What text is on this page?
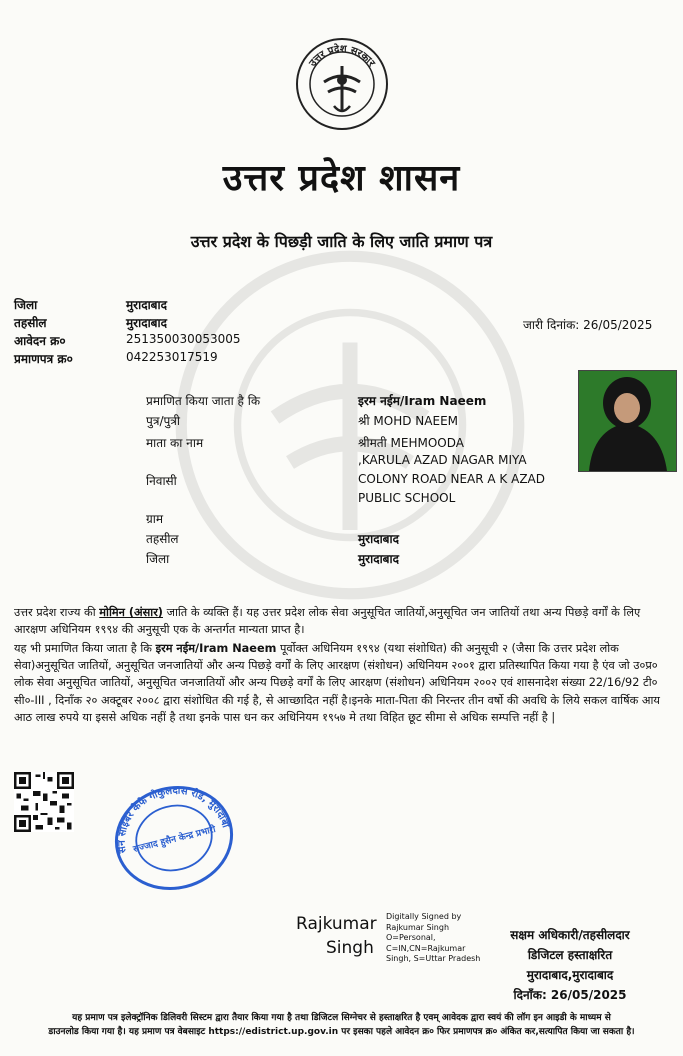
उत्तर प्रदेश सरकार
उत्तर प्रदेश शासन
उत्तर प्रदेश के पिछड़ी जाति के लिए जाति प्रमाण पत्र
जिला	मुरादाबाद
तहसील	मुरादाबाद
आवेदन क्र०	251350030053005
प्रमाणपत्र क्र०	042253017519
जारी दिनांक: 26/05/2025
प्रमाणित किया जाता है कि	इरम नईम/Iram Naeem
पुत्र/पुत्री	श्री MOHD NAEEM
माता का नाम	श्रीमती MEHMOODA
,KARULA AZAD NAGAR MIYA
निवासी	COLONY ROAD NEAR A K AZAD
PUBLIC SCHOOL
ग्राम
तहसील	मुरादाबाद
जिला	मुरादाबाद
उत्तर प्रदेश राज्य की मोमिन (अंसार) जाति के व्यक्ति हैं। यह उत्तर प्रदेश लोक सेवा अनुसूचित जातियों,अनुसूचित जन जातियों तथा अन्य पिछड़े वर्गों के लिए आरक्षण अधिनियम १९९४ की अनुसूची एक के अन्तर्गत मान्यता प्राप्त है।
यह भी प्रमाणित किया जाता है कि इरम नईम/Iram Naeem पूर्वोक्त अधिनियम १९९४ (यथा संशोधित) की अनुसूची २ (जैसा कि उत्तर प्रदेश लोक सेवा)अनुसूचित जातियों, अनुसूचित जनजातियों और अन्य पिछड़े वर्गों के लिए आरक्षण (संशोधन) अधिनियम २००१ द्वारा प्रतिस्थापित किया गया है एंव जो उ०प्र० लोक सेवा अनुसूचित जातियों, अनुसूचित जनजातियों और अन्य पिछड़े वर्गों के लिए आरक्षण (संशोधन) अधिनियम २००२ एवं शासनादेश संख्या 22/16/92 टी० सी०-III , दिनाँक २० अक्टूबर २००८ द्वारा संशोधित की गई है, से आच्छादित नहीं है।इनके माता-पिता की निरन्तर तीन वर्षो की अवधि के लिये सकल वार्षिक आय आठ लाख रुपये या इससे अधिक नहीं है तथा इनके पास धन कर अधिनियम १९५७ मे तथा विहित छूट सीमा से अधिक सम्पत्ति नहीं है |
हुसैन साइबर कैफे गोकुलदास रोड, मुरादाबाद
सज्जाद हुसैन केन्द्र प्रभारी
Rajkumar
Singh
Digitally Signed by
Rajkumar Singh
O=Personal,
C=IN,CN=Rajkumar
Singh, S=Uttar Pradesh
सक्षम अधिकारी/तहसीलदार
डिजिटल हस्ताक्षरित
मुरादाबाद,मुरादाबाद
दिनाँक: 26/05/2025
यह प्रमाण पत्र इलेक्ट्रॉनिक डिलिवरी सिस्टम द्वारा तैयार किया गया है तथा डिजिटल सिग्नेचर से हस्ताक्षरित है एवम् आवेदक द्वारा स्वयं की लॉग इन आइडी के माध्यम से
डाउनलोड किया गया है। यह प्रमाण पत्र वेबसाइट https://edistrict.up.gov.in पर इसका पहले आवेदन क्र० फिर प्रमाणपत्र क्र० अंकित कर,सत्यापित किया जा सकता है।
